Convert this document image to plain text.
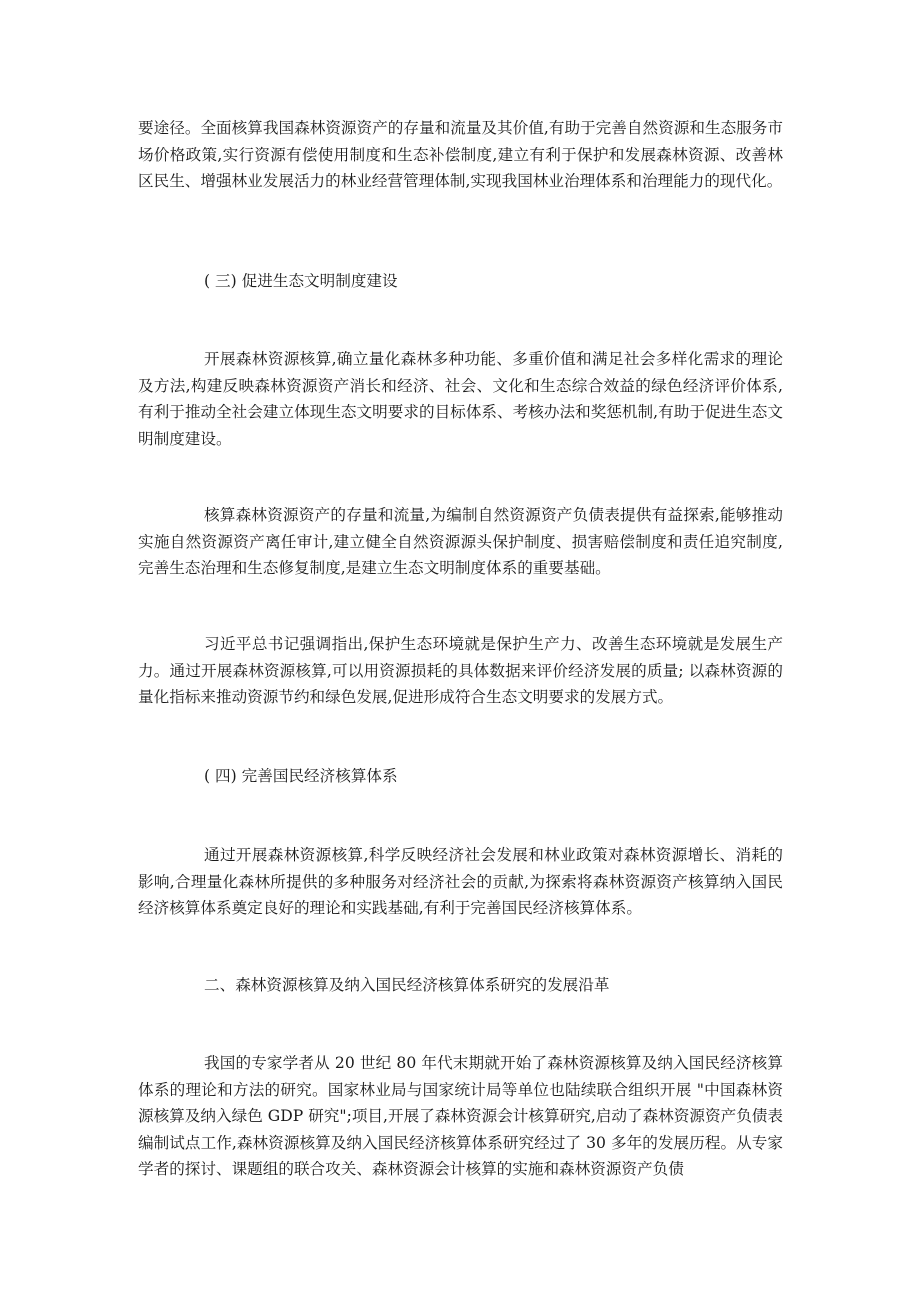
要途径。全面核算我国森林资源资产的存量和流量及其价值,有助于完善自然资源和生态服务市场价格政策,实行资源有偿使用制度和生态补偿制度,建立有利于保护和发展森林资源、改善林区民生、增强林业发展活力的林业经营管理体制,实现我国林业治理体系和治理能力的现代化。

( 三) 促进生态文明制度建设

开展森林资源核算,确立量化森林多种功能、多重价值和满足社会多样化需求的理论及方法,构建反映森林资源资产消长和经济、社会、文化和生态综合效益的绿色经济评价体系,有利于推动全社会建立体现生态文明要求的目标体系、考核办法和奖惩机制,有助于促进生态文明制度建设。

核算森林资源资产的存量和流量,为编制自然资源资产负债表提供有益探索,能够推动实施自然资源资产离任审计,建立健全自然资源源头保护制度、损害赔偿制度和责任追究制度,完善生态治理和生态修复制度,是建立生态文明制度体系的重要基础。

习近平总书记强调指出,保护生态环境就是保护生产力、改善生态环境就是发展生产力。通过开展森林资源核算,可以用资源损耗的具体数据来评价经济发展的质量; 以森林资源的量化指标来推动资源节约和绿色发展,促进形成符合生态文明要求的发展方式。

( 四) 完善国民经济核算体系

通过开展森林资源核算,科学反映经济社会发展和林业政策对森林资源增长、消耗的影响,合理量化森林所提供的多种服务对经济社会的贡献,为探索将森林资源资产核算纳入国民经济核算体系奠定良好的理论和实践基础,有利于完善国民经济核算体系。

二、森林资源核算及纳入国民经济核算体系研究的发展沿革

我国的专家学者从 20 世纪 80 年代末期就开始了森林资源核算及纳入国民经济核算体系的理论和方法的研究。国家林业局与国家统计局等单位也陆续联合组织开展 "中国森林资源核算及纳入绿色 GDP 研究";项目,开展了森林资源会计核算研究,启动了森林资源资产负债表编制试点工作,森林资源核算及纳入国民经济核算体系研究经过了 30 多年的发展历程。从专家学者的探讨、课题组的联合攻关、森林资源会计核算的实施和森林资源资产负债
